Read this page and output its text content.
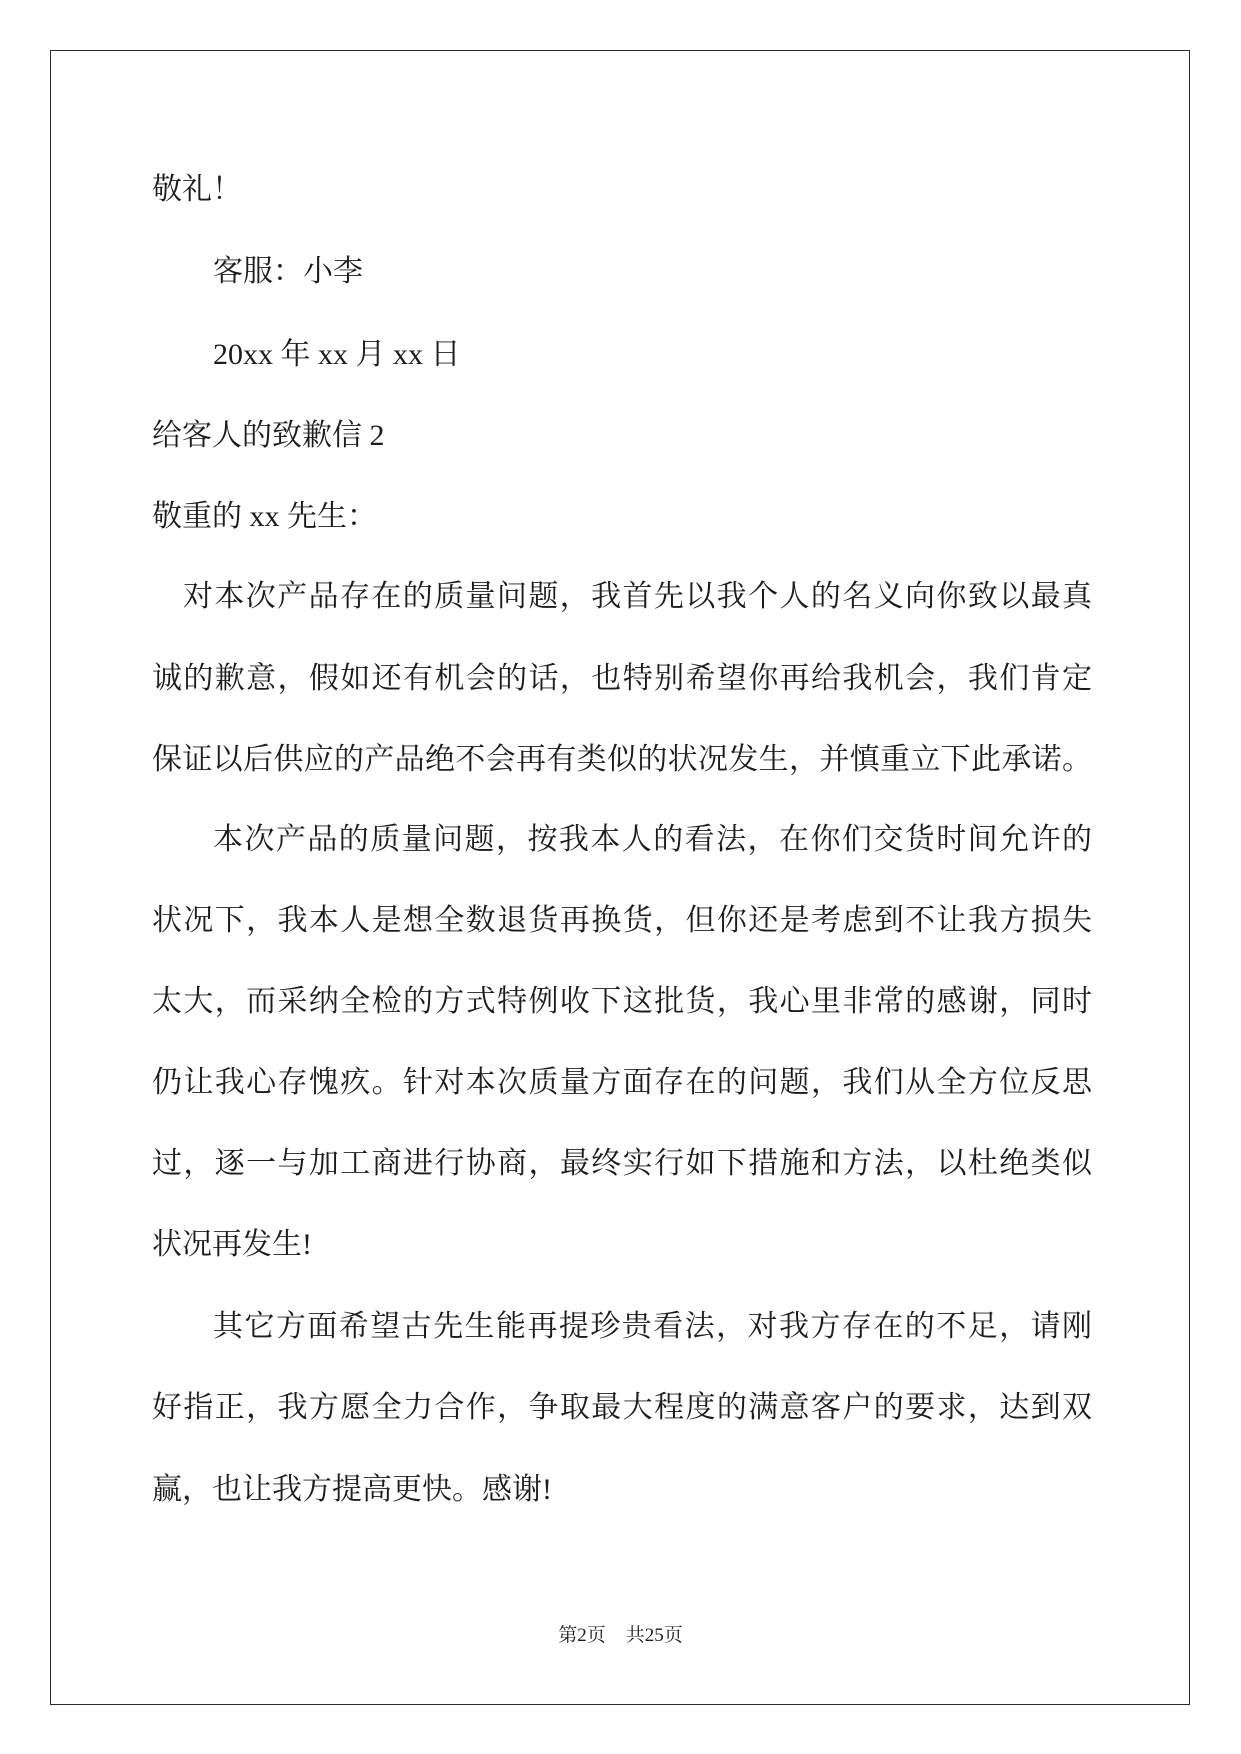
敬礼！
客服：小李
20xx 年 xx 月 xx 日
给客人的致歉信 2
敬重的 xx 先生：
对本次产品存在的质量问题，我首先以我个人的名义向你致以最真
诚的歉意，假如还有机会的话，也特别希望你再给我机会，我们肯定
保证以后供应的产品绝不会再有类似的状况发生，并慎重立下此承诺。
本次产品的质量问题，按我本人的看法，在你们交货时间允许的
状况下，我本人是想全数退货再换货，但你还是考虑到不让我方损失
太大，而采纳全检的方式特例收下这批货，我心里非常的感谢，同时
仍让我心存愧疚。针对本次质量方面存在的问题，我们从全方位反思
过，逐一与加工商进行协商，最终实行如下措施和方法，以杜绝类似
状况再发生!
其它方面希望古先生能再提珍贵看法，对我方存在的不足，请刚
好指正，我方愿全力合作，争取最大程度的满意客户的要求，达到双
赢，也让我方提高更快。感谢!
第2页 共25页
